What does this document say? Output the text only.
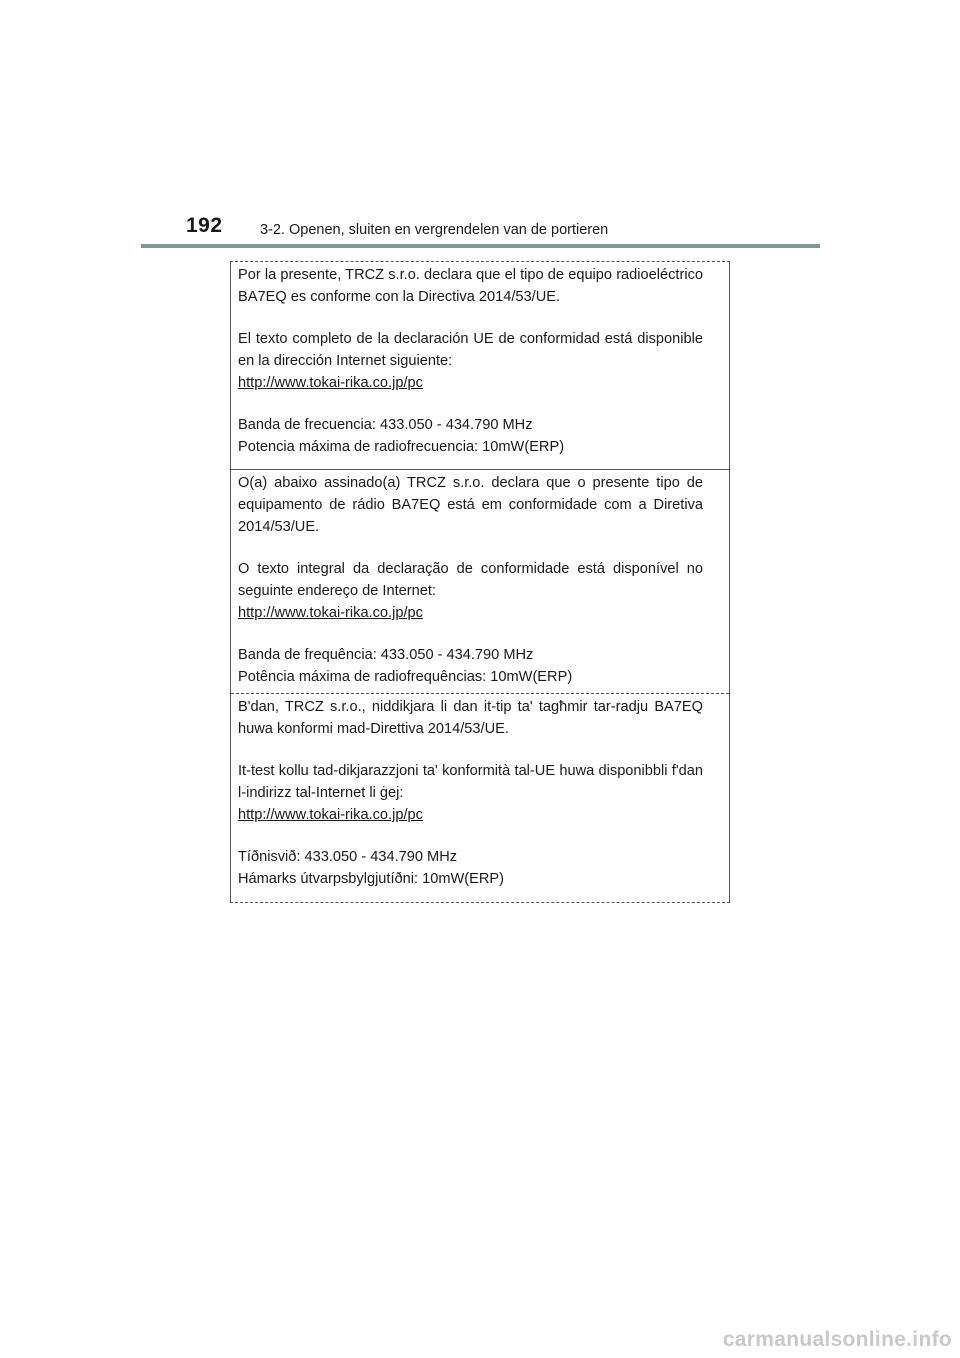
192	3-2. Openen, sluiten en vergrendelen van de portieren

Por la presente, TRCZ s.r.o. declara que el tipo de equipo radioeléctrico BA7EQ es conforme con la Directiva 2014/53/UE.

El texto completo de la declaración UE de conformidad está disponible en la dirección Internet siguiente:
http://www.tokai-rika.co.jp/pc

Banda de frecuencia: 433.050 - 434.790 MHz
Potencia máxima de radiofrecuencia: 10mW(ERP)

O(a) abaixo assinado(a) TRCZ s.r.o. declara que o presente tipo de equipamento de rádio BA7EQ está em conformidade com a Diretiva 2014/53/UE.

O texto integral da declaração de conformidade está disponível no seguinte endereço de Internet:
http://www.tokai-rika.co.jp/pc

Banda de frequência: 433.050 - 434.790 MHz
Potência máxima de radiofrequências: 10mW(ERP)

B'dan, TRCZ s.r.o., niddikjara li dan it-tip ta' tagħmir tar-radju BA7EQ huwa konformi mad-Direttiva 2014/53/UE.

It-test kollu tad-dikjarazzjoni ta' konformità tal-UE huwa disponibbli f'dan l-indirizz tal-Internet li ġej:
http://www.tokai-rika.co.jp/pc

Tíðnisvið: 433.050 - 434.790 MHz
Hámarks útvarpsbylgjutíðni: 10mW(ERP)

carmanualsonline.info
